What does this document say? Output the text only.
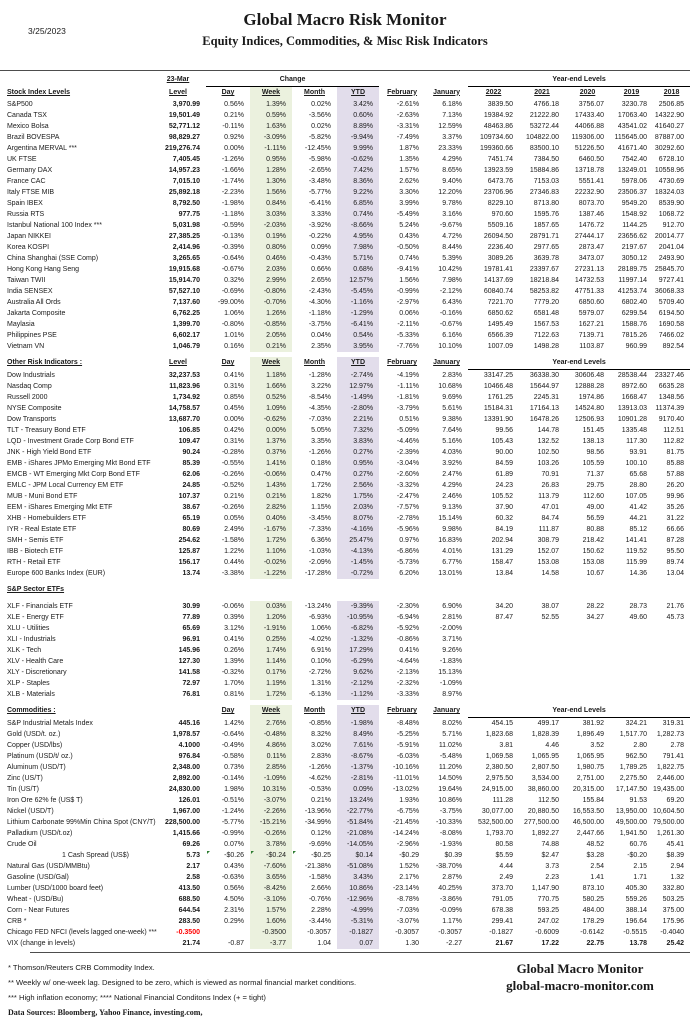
3/25/2023
Global Macro Risk Monitor
Equity Indices, Commodities, & Misc Risk Indicators
	23-Mar	Change						Year-end Levels				
Stock Index Levels	Level	Day	Week	Month	YTD	February	January	2022	2021	2020	2019	2018
S&P500	3,970.99	0.56%	1.39%	0.02%	3.42%	-2.61%	6.18%	3839.50	4766.18	3756.07	3230.78	2506.85
Canada TSX	19,501.49	0.21%	0.59%	-3.56%	0.60%	-2.63%	7.13%	19384.92	21222.80	17433.40	17063.40	14322.90
Mexico Bolsa	52,771.12	-0.11%	1.63%	0.02%	8.89%	-3.31%	12.59%	48463.86	53272.44	44066.88	43541.02	41640.27
Brazil BOVESPA	98,829.27	0.92%	-3.09%	-5.82%	-9.94%	-7.49%	3.37%	109734.60	104822.00	119306.00	115645.00	87887.00
Argentina MERVAL ***	219,276.74	0.00%	-1.11%	-12.45%	9.99%	1.87%	23.33%	199360.66	83500.10	51226.50	41671.40	30292.60
UK FTSE	7,405.45	-1.26%	0.95%	-5.98%	-0.62%	1.35%	4.29%	7451.74	7384.50	6460.50	7542.40	6728.10
Germany DAX	14,957.23	-1.66%	1.28%	-2.65%	7.42%	1.57%	8.65%	13923.59	15884.86	13718.78	13249.01	10558.96
France CAC	7,015.10	-1.74%	1.30%	-3.48%	8.36%	2.62%	9.40%	6473.76	7153.03	5551.41	5978.06	4730.69
Italy FTSE MIB	25,892.18	-2.23%	1.56%	-5.77%	9.22%	3.30%	12.20%	23706.96	27346.83	22232.90	23506.37	18324.03
Spain IBEX	8,792.50	-1.98%	0.84%	-6.41%	6.85%	3.99%	9.78%	8229.10	8713.80	8073.70	9549.20	8539.90
Russia RTS	977.75	-1.18%	3.03%	3.33%	0.74%	-5.49%	3.16%	970.60	1595.76	1387.46	1548.92	1068.72
Istanbul National 100 Index ***	5,031.98	-0.59%	-2.03%	-3.92%	-8.66%	5.24%	-9.67%	5509.16	1857.65	1476.72	1144.25	912.70
Japan NIKKEI	27,385.25	-0.13%	0.19%	-0.22%	4.95%	0.43%	4.72%	26094.50	28791.71	27444.17	23656.62	20014.77
Korea KOSPI	2,414.96	-0.39%	0.80%	0.09%	7.98%	-0.50%	8.44%	2236.40	2977.65	2873.47	2197.67	2041.04
China Shanghai (SSE Comp)	3,265.65	-0.64%	0.46%	-0.43%	5.71%	0.74%	5.39%	3089.26	3639.78	3473.07	3050.12	2493.90
Hong Kong Hang Seng	19,915.68	-0.67%	2.03%	0.66%	0.68%	-9.41%	10.42%	19781.41	23397.67	27231.13	28189.75	25845.70
Taiwan TWII	15,914.70	0.32%	2.99%	2.65%	12.57%	1.56%	7.98%	14137.69	18218.84	14732.53	11997.14	9727.41
India SENSEX	57,527.10	-0.69%	-0.80%	-2.43%	-5.45%	-0.99%	-2.12%	60840.74	58253.82	47751.33	41253.74	36068.33
Australia All Ords	7,137.60	-99.00%	-0.70%	-4.30%	-1.16%	-2.97%	6.43%	7221.70	7779.20	6850.60	6802.40	5709.40
Jakarta Composite	6,762.25	1.06%	1.26%	-1.18%	-1.29%	0.06%	-0.16%	6850.62	6581.48	5979.07	6299.54	6194.50
Maylasia	1,399.70	-0.80%	-0.85%	-3.75%	-6.41%	-2.11%	-0.67%	1495.49	1567.53	1627.21	1588.76	1690.58
Philippines PSE	6,602.17	1.01%	2.05%	0.04%	0.54%	-5.33%	6.16%	6566.39	7122.63	7139.71	7815.26	7466.02
Vietnam VN	1,046.79	0.16%	0.21%	2.35%	3.95%	-7.76%	10.10%	1007.09	1498.28	1103.87	960.99	892.54

Other Risk Indicators :	Level	Day	Week	Month	YTD	February	January	Year-end Levels				
Dow Industrials	32,237.53	0.41%	1.18%	-1.28%	-2.74%	-4.19%	2.83%	33147.25	36338.30	30606.48	28538.44	23327.46
Nasdaq Comp	11,823.96	0.31%	1.66%	3.22%	12.97%	-1.11%	10.68%	10466.48	15644.97	12888.28	8972.60	6635.28
Russell 2000	1,734.92	0.85%	0.52%	-8.54%	-1.49%	-1.81%	9.69%	1761.25	2245.31	1974.86	1668.47	1348.56
NYSE Composite	14,758.57	0.45%	1.09%	-4.35%	-2.80%	-3.79%	5.61%	15184.31	17164.13	14524.80	13913.03	11374.39
Dow Transports	13,687.70	0.00%	-0.62%	-7.03%	2.21%	0.51%	9.38%	13391.90	16478.26	12506.93	10901.28	9170.40
TLT - Treasury Bond ETF	106.85	0.42%	0.00%	5.05%	7.32%	-5.09%	7.64%	99.56	144.78	151.45	1335.48	112.51
LQD - Investment Grade Corp Bond ETF	109.47	0.31%	1.37%	3.35%	3.83%	-4.46%	5.16%	105.43	132.52	138.13	117.30	112.82
JNK - High Yield Bond ETF	90.24	-0.28%	0.37%	-1.26%	0.27%	-2.39%	4.03%	90.00	102.50	98.56	93.91	81.75
EMB - iShares JPMo Emerging Mkt Bond ETF	85.39	-0.55%	1.41%	0.18%	0.95%	-3.04%	3.92%	84.59	103.26	105.59	100.10	85.88
EMCB - WT Emerging Mkt Corp Bond ETF	62.06	-0.26%	-0.06%	0.47%	0.27%	-2.60%	2.47%	61.89	70.91	71.37	65.68	57.88
EMLC - JPM Local Currency EM ETF	24.85	-0.52%	1.43%	1.72%	2.56%	-3.32%	4.29%	24.23	26.83	29.75	28.80	26.20
MUB - Muni Bond ETF	107.37	0.21%	0.21%	1.82%	1.75%	-2.47%	2.46%	105.52	113.79	112.60	107.05	99.96
EEM - iShares Emerging Mkt ETF	38.67	-0.26%	2.82%	1.15%	2.03%	-7.57%	9.13%	37.90	47.01	49.00	41.42	35.26
XHB - Homebuilders ETF	65.19	0.05%	0.40%	-3.45%	8.07%	-2.78%	15.14%	60.32	84.74	56.59	44.21	31.22
IYR - Real Estate ETF	80.69	2.49%	-1.67%	-7.33%	-4.16%	-5.96%	9.98%	84.19	111.87	80.88	85.12	66.66
SMH - Semis ETF	254.62	-1.58%	1.72%	6.36%	25.47%	0.97%	16.83%	202.94	308.79	218.42	141.41	87.28
IBB - Biotech ETF	125.87	1.22%	1.10%	-1.03%	-4.13%	-6.86%	4.01%	131.29	152.07	150.62	119.52	95.50
RTH - Retail ETF	156.17	0.44%	-0.02%	-2.09%	-1.45%	-5.73%	6.77%	158.47	153.08	153.08	115.99	89.74
Europe 600 Banks Index (EUR)	13.74	-3.38%	-1.22%	-17.28%	-0.72%	6.20%	13.01%	13.84	14.58	10.67	14.36	13.04

S&P Sector ETFs												

XLF - Financials ETF	30.99	-0.06%	0.03%	-13.24%	-9.39%	-2.30%	6.90%	34.20	38.07	28.22	28.73	21.76
XLE - Energy ETF	77.89	0.39%	1.20%	-6.93%	-10.95%	-6.94%	2.81%	87.47	52.55	34.27	49.60	45.73
XLU - Utilities	65.69	3.12%	-1.91%	1.06%	-6.82%	-5.92%	-2.00%					
XLI - Industrials	96.91	0.41%	0.25%	-4.02%	-1.32%	-0.86%	3.71%					
XLK - Tech	145.96	0.26%	1.74%	6.91%	17.29%	0.41%	9.26%					
XLV - Health Care	127.30	1.39%	1.14%	0.10%	-6.29%	-4.64%	-1.83%					
XLY - Discretionary	141.58	-0.32%	0.17%	-2.72%	9.62%	-2.13%	15.13%					
XLP - Staples	72.97	1.70%	1.19%	1.31%	-2.12%	-2.32%	-1.09%					
XLB - Materials	76.81	0.81%	1.72%	-6.13%	-1.12%	-3.33%	8.97%					

Commodities :		Day	Week	Month	YTD	February	January	Year-end Levels				
S&P Industrial Metals Index	445.16	1.42%	2.76%	-0.85%	-1.98%	-8.48%	8.02%	454.15	499.17	381.92	324.21	319.31
Gold (USD/t. oz.)	1,978.57	-0.64%	-0.48%	8.32%	8.49%	-5.25%	5.71%	1,823.68	1,828.39	1,896.49	1,517.70	1,282.73
Copper (USD/lbs)	4.1000	-0.49%	4.86%	3.02%	7.61%	-5.91%	11.02%	3.81	4.46	3.52	2.80	2.78
Platinum (USD/t/ oz.)	976.84	-0.58%	0.11%	2.83%	-8.67%	-6.03%	-5.48%	1,069.58	1,065.95	1,065.95	962.50	791.41
Aluminum (USD/T)	2,348.00	0.73%	2.85%	-1.26%	-1.37%	-10.16%	11.20%	2,380.50	2,807.50	1,980.75	1,789.25	1,822.75
Zinc (US/T)	2,892.00	-0.14%	-1.09%	-4.62%	-2.81%	-11.01%	14.50%	2,975.50	3,534.00	2,751.00	2,275.50	2,446.00
Tin (US/T)	24,830.00	1.98%	10.31%	-0.53%	0.09%	-13.02%	19.64%	24,915.00	38,860.00	20,315.00	17,147.50	19,435.00
Iron Ore 62% fe (US$ T)	126.01	-0.51%	-3.07%	0.21%	13.24%	1.93%	10.86%	111.28	112.50	155.84	91.53	69.20
Nickel (USD/T)	1,967.00	-1.24%	-2.26%	-13.96%	-22.77%	-6.75%	-3.75%	30,077.00	20,880.50	16,553.50	13,950.00	10,604.50
Lithium Carbonate 99%Min China Spot (CNY/T)	228,500.00	-5.77%	-15.21%	-34.99%	-51.84%	-21.45%	-10.33%	532,500.00	277,500.00	46,500.00	49,500.00	79,500.00
Palladium (USD/t.oz)	1,415.66	-0.99%	-0.26%	0.12%	-21.08%	-14.24%	-8.08%	1,793.70	1,892.27	2,447.66	1,941.50	1,261.30
Crude Oil	69.26	0.07%	3.78%	-9.69%	-14.05%	-2.96%	-1.93%	80.58	74.88	48.52	60.76	45.41
1 Cash Spread (US$)	5.73	-$0.26	-$0.24	-$0.25	$0.14	-$0.29	$0.39	$5.59	$2.47	$3.28	-$0.20	$8.39
Natural Gas (USD/MMBtu)	2.17	0.43%	-7.60%	-21.38%	-51.08%	1.52%	-38.70%	4.44	3.73	2.54	2.15	2.94
Gasoline (USD/Gal)	2.58	-0.63%	3.65%	-1.58%	3.43%	2.17%	2.87%	2.49	2.23	1.41	1.71	1.32
Lumber (USD/1000 board feet)	413.50	0.56%	-8.42%	2.66%	10.86%	-23.14%	40.25%	373.70	1,147.90	873.10	405.30	332.80
Wheat - (USD/Bu)	688.50	4.50%	-3.10%	-0.76%	-12.96%	-8.78%	-3.86%	791.05	770.75	580.25	559.26	503.25
Corn - Near Futures	644.54	2.31%	1.57%	2.28%	-4.99%	-7.03%	-0.09%	678.38	593.25	484.00	388.14	375.00
CRB *	283.50	0.29%	1.60%	-3.44%	-5.31%	-3.07%	1.17%	299.41	247.02	178.29	196.64	175.96
Chicago FED NFCI (levels lagged one-week) ***	-0.3500		-0.3500	-0.3057	-0.1827	-0.3057	-0.3057	-0.1827	-0.6009	-0.6142	-0.5515	-0.4040
VIX (change in levels)	21.74	-0.87	-3.77	1.04	0.07	1.30	-2.27	21.67	17.22	22.75	13.78	25.42
* Thomson/Reuters CRB Commodity Index.
** Weekly w/ one-week lag. Designed to be zero, which is viewed as normal financial market conditions.
*** High inflation economy; **** National Financial Conditons Index (+ = tight)
Data Sources: Bloomberg, Yahoo Finance, investing.com,
Global Macro Monitor
global-macro-monitor.com
